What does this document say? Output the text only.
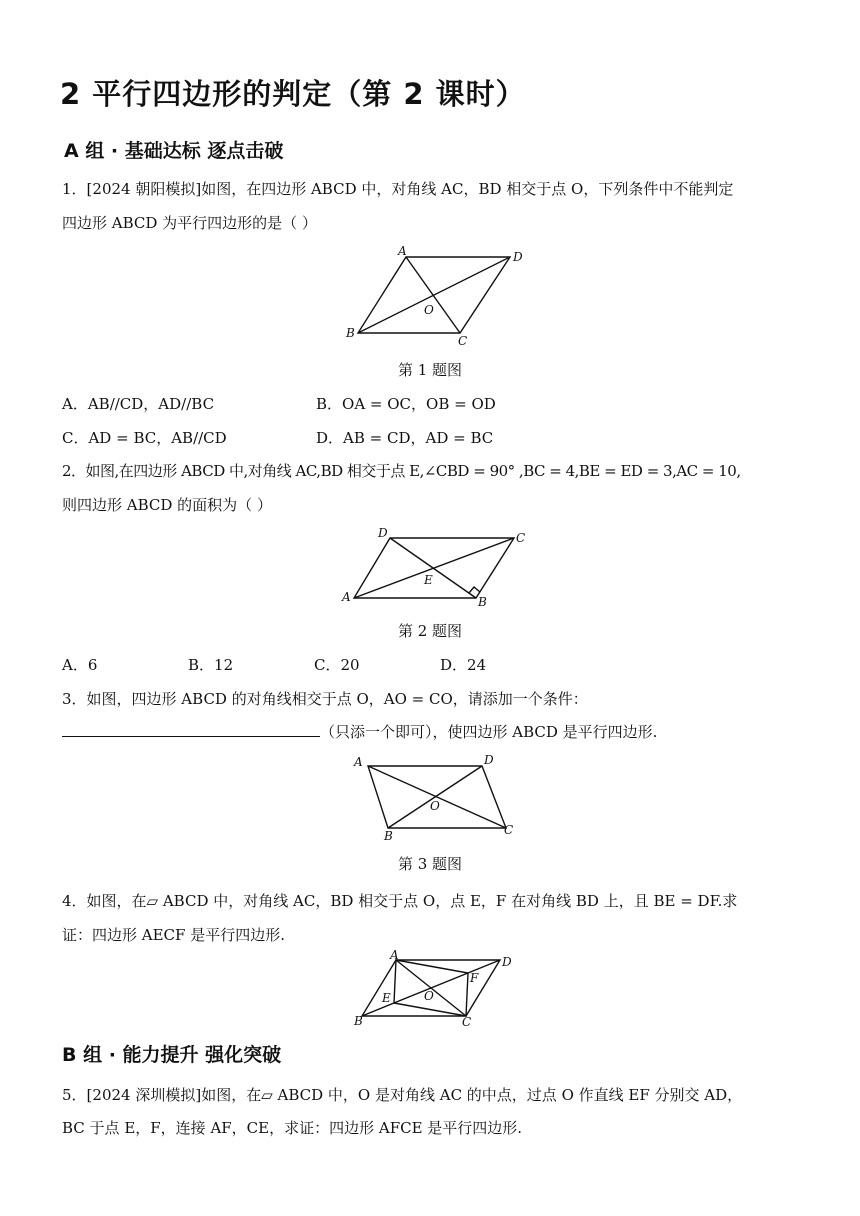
2 平行四边形的判定（第 2 课时）
A 组 · 基础达标 逐点击破
1．[2024 朝阳模拟]如图，在四边形 ABCD 中，对角线 AC，BD 相交于点 O，下列条件中不能判定
四边形 ABCD 为平行四边形的是（ ）
A	D
B
C
O
第 1 题图
A．AB//CD，AD//BC	B．OA = OC，OB = OD
C．AD = BC，AB//CD	D．AB = CD，AD = BC
2．如图,在四边形 ABCD 中,对角线 AC,BD 相交于点 E,∠CBD = 90° ,BC = 4,BE = ED = 3,AC = 10,
则四边形 ABCD 的面积为（ ）
D	C
A	B
E
第 2 题图
A．6	B．12	C．20	D．24
3．如图，四边形 ABCD 的对角线相交于点 O，AO = CO，请添加一个条件：
（只添一个即可），使四边形 ABCD 是平行四边形.
A	D
B	C
O
第 3 题图
4．如图，在▱ ABCD 中，对角线 AC，BD 相交于点 O，点 E，F 在对角线 BD 上，且 BE = DF.求
证：四边形 AECF 是平行四边形.
A	D
B	C
E
F
O
B 组 · 能力提升 强化突破
5．[2024 深圳模拟]如图，在▱ ABCD 中，O 是对角线 AC 的中点，过点 O 作直线 EF 分别交 AD，
BC 于点 E，F，连接 AF，CE，求证：四边形 AFCE 是平行四边形.
